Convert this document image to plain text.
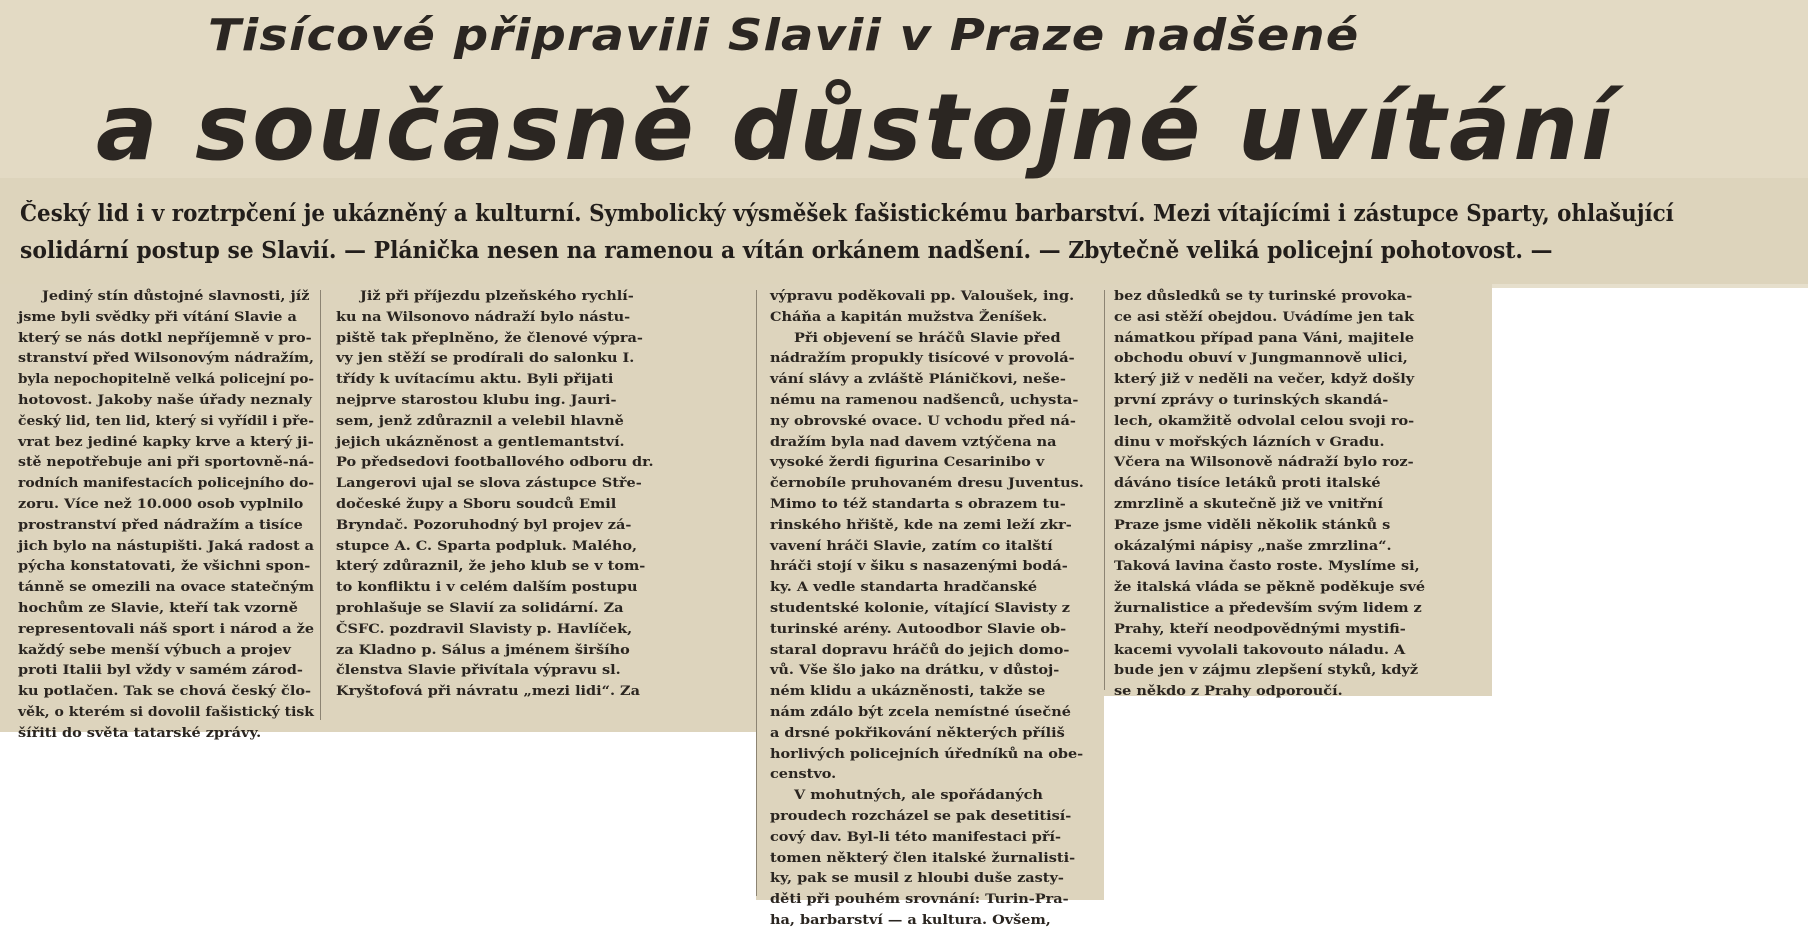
Tisícové připravili Slavii v Praze nadšené
a současně důstojné uvítání

Český lid i v roztrpčení je ukázněný a kulturní. Symbolický výsměšek fašistickému barbarství. Mezi vítajícími i zástupce Sparty, ohlašující

solidární postup se Slavií. — Plánička nesen na ramenou a vítán orkánem nadšení. — Zbytečně veliká policejní pohotovost. —

Jediný stín důstojné slavnosti, jíž
jsme byli svědky při vítání Slavie a
který se nás dotkl nepříjemně v pro-
stranství před Wilsonovým nádražím,
byla nepochopitelně velká policejní po-
hotovost. Jakoby naše úřady neznaly
český lid, ten lid, který si vyřídil i pře-
vrat bez jediné kapky krve a který ji-
stě nepotřebuje ani při sportovně-ná-
rodních manifestacích policejního do-
zoru. Více než 10.000 osob vyplnilo
prostranství před nádražím a tisíce
jich bylo na nástupišti. Jaká radost a
pýcha konstatovati, že všichni spon-
tánně se omezili na ovace statečným
hochům ze Slavie, kteří tak vzorně
representovali náš sport i národ a že
každý sebe menší výbuch a projev
proti Italii byl vždy v samém zárod-
ku potlačen. Tak se chová český člo-
věk, o kterém si dovolil fašistický tisk
šířiti do světa tatarské zprávy.
Již při příjezdu plzeňského rychlí-
ku na Wilsonovo nádraží bylo nástu-
piště tak přeplněno, že členové výpra-
vy jen stěží se prodírali do salonku I.
třídy k uvítacímu aktu. Byli přijati
nejprve starostou klubu ing. Jauri-
sem, jenž zdůraznil a velebil hlavně
jejich ukázněnost a gentlemantství.
Po předsedovi footballového odboru dr.
Langerovi ujal se slova zástupce Stře-
dočeské župy a Sboru soudců Emil
Bryndač. Pozoruhodný byl projev zá-
stupce A. C. Sparta podpluk. Malého,
který zdůraznil, že jeho klub se v tom-
to konfliktu i v celém dalším postupu
prohlašuje se Slavií za solidární. Za
ČSFC. pozdravil Slavisty p. Havlíček,
za Kladno p. Sálus a jménem širšího
členstva Slavie přivítala výpravu sl.
Kryštofová při návratu „mezi lidi“. Za
výpravu poděkovali pp. Valoušek, ing.
Cháňa a kapitán mužstva Ženíšek.
Při objevení se hráčů Slavie před
nádražím propukly tisícové v provolá-
vání slávy a zvláště Pláničkovi, neše-
nému na ramenou nadšenců, uchysta-
ny obrovské ovace. U vchodu před ná-
dražím byla nad davem vztýčena na
vysoké žerdi figurina Cesarinibo v
černobíle pruhovaném dresu Juventus.
Mimo to též standarta s obrazem tu-
rinského hřiště, kde na zemi leží zkr-
vavení hráči Slavie, zatím co italští
hráči stojí v šiku s nasazenými bodá-
ky. A vedle standarta hradčanské
studentské kolonie, vítající Slavisty z
turinské arény. Autoodbor Slavie ob-
staral dopravu hráčů do jejich domo-
vů. Vše šlo jako na drátku, v důstoj-
ném klidu a ukázněnosti, takže se
nám zdálo být zcela nemístné úsečné
a drsné pokřikování některých příliš
horlivých policejních úředníků na obe-
censtvo.
V mohutných, ale spořádaných
proudech rozcházel se pak desetitisí-
cový dav. Byl-li této manifestaci pří-
tomen některý člen italské žurnalisti-
ky, pak se musil z hloubi duše zasty-
děti při pouhém srovnání: Turin-Pra-
ha, barbarství — a kultura. Ovšem,
bez důsledků se ty turinské provoka-
ce asi stěží obejdou. Uvádíme jen tak
námatkou případ pana Váni, majitele
obchodu obuví v Jungmannově ulici,
který již v neděli na večer, když došly
první zprávy o turinských skandá-
lech, okamžitě odvolal celou svoji ro-
dinu v mořských lázních v Gradu.
Včera na Wilsonově nádraží bylo roz-
dáváno tisíce letáků proti italské
zmrzlině a skutečně již ve vnitřní
Praze jsme viděli několik stánků s
okázalými nápisy „naše zmrzlina“.
Taková lavina často roste. Myslíme si,
že italská vláda se pěkně poděkuje své
žurnalistice a především svým lidem z
Prahy, kteří neodpovědnými mystifi-
kacemi vyvolali takovouto náladu. A
bude jen v zájmu zlepšení styků, když
se někdo z Prahy odporoučí.
